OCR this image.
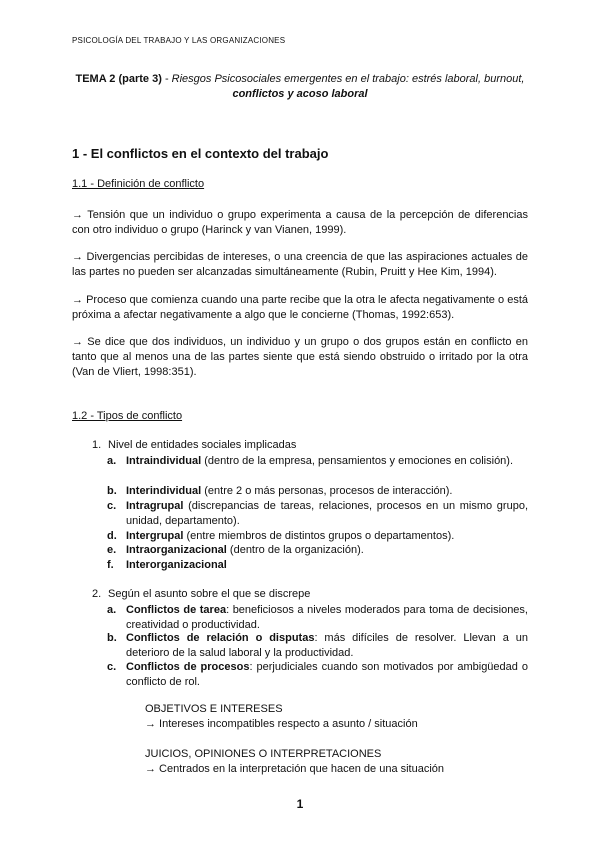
PSICOLOGÍA DEL TRABAJO Y LAS ORGANIZACIONES
TEMA 2 (parte 3) - Riesgos Psicosociales emergentes en el trabajo: estrés laboral, burnout,
conflictos y acoso laboral
1 - El conflictos en el contexto del trabajo
1.1 - Definición de conflicto
→ Tensión que un individuo o grupo experimenta a causa de la percepción de diferencias con otro individuo o grupo (Harinck y van Vianen, 1999).
→ Divergencias percibidas de intereses, o una creencia de que las aspiraciones actuales de las partes no pueden ser alcanzadas simultáneamente (Rubin, Pruitt y Hee Kim, 1994).
→ Proceso que comienza cuando una parte recibe que la otra le afecta negativamente o está próxima a afectar negativamente a algo que le concierne (Thomas, 1992:653).
→ Se dice que dos individuos, un individuo y un grupo o dos grupos están en conflicto en tanto que al menos una de las partes siente que está siendo obstruido o irritado por la otra (Van de Vliert, 1998:351).
1.2 - Tipos de conflicto
1. Nivel de entidades sociales implicadas
a. Intraindividual (dentro de la empresa, pensamientos y emociones en colisión).
b. Interindividual (entre 2 o más personas, procesos de interacción).
c. Intragrupal (discrepancias de tareas, relaciones, procesos en un mismo grupo, unidad, departamento).
d. Intergrupal (entre miembros de distintos grupos o departamentos).
e. Intraorganizacional (dentro de la organización).
f. Interorganizacional
2. Según el asunto sobre el que se discrepe
a. Conflictos de tarea: beneficiosos a niveles moderados para toma de decisiones, creatividad o productividad.
b. Conflictos de relación o disputas: más difíciles de resolver. Llevan a un deterioro de la salud laboral y la productividad.
c. Conflictos de procesos: perjudiciales cuando son motivados por ambigüedad o conflicto de rol.
OBJETIVOS E INTERESES
→ Intereses incompatibles respecto a asunto / situación
JUICIOS, OPINIONES O INTERPRETACIONES
→ Centrados en la interpretación que hacen de una situación
1
